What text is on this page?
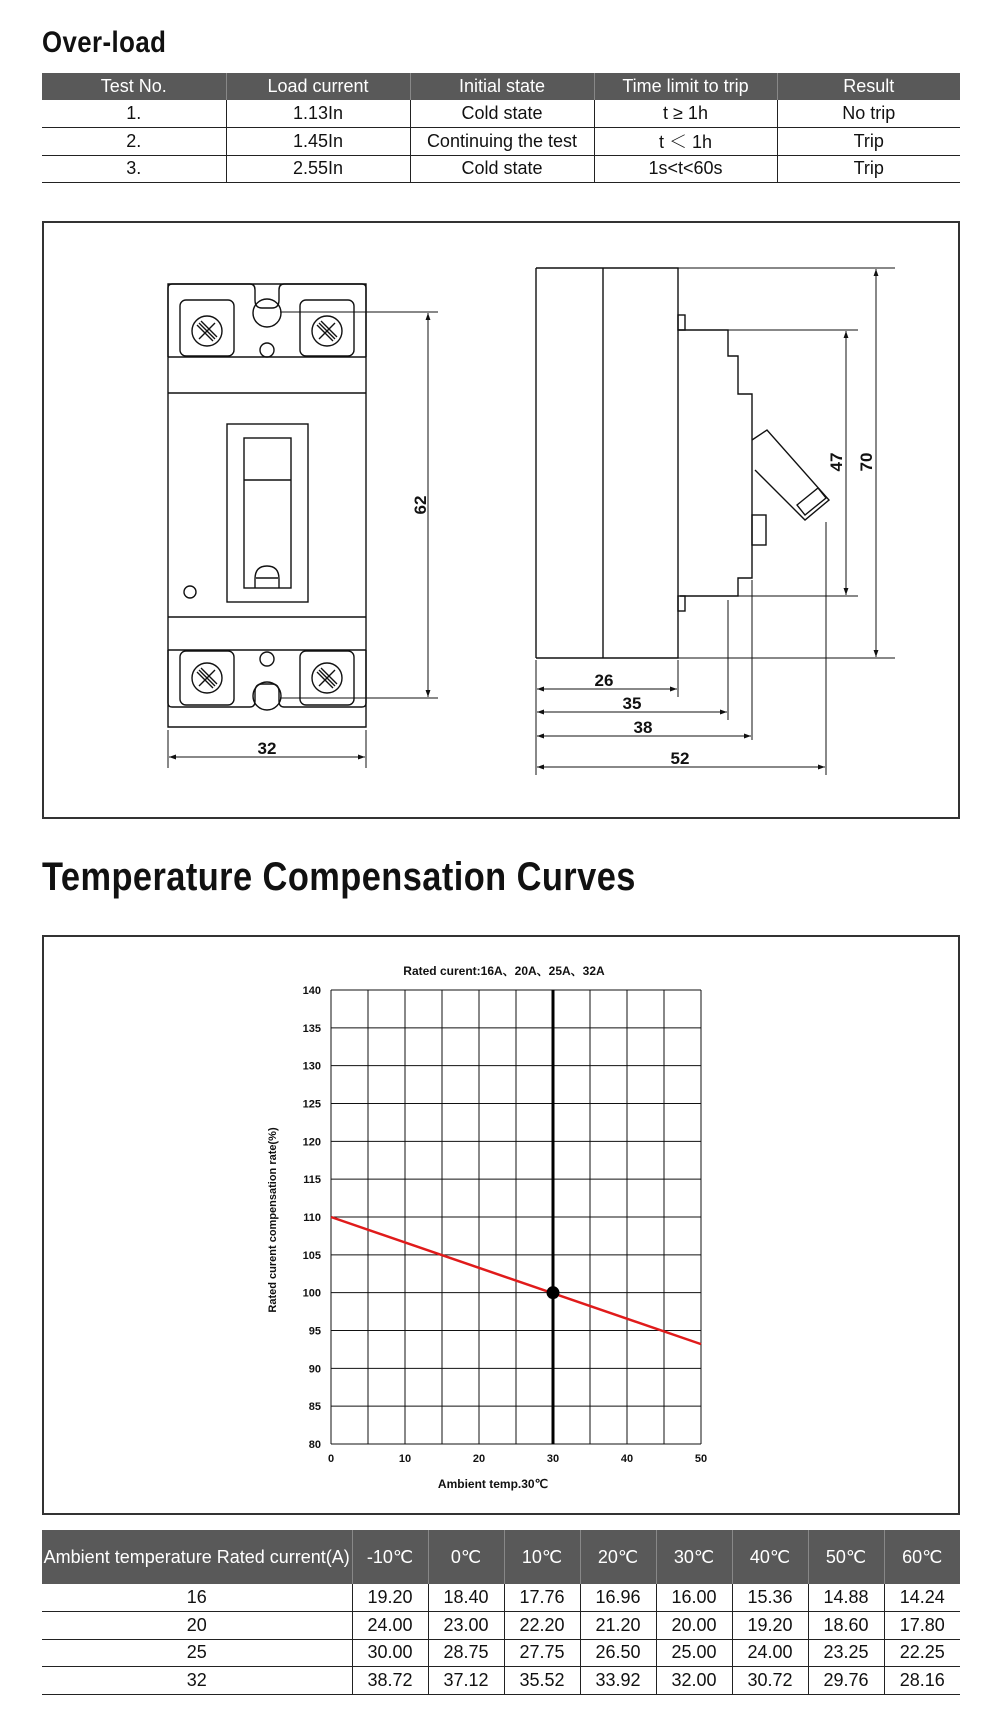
Over-load
Test No.	Load current	Initial state	Time limit to trip	Result
1.	1.13In	Cold state	t ≥ 1h	No trip
2.	1.45In	Continuing the test	t ＜ 1h	Trip
3.	2.55In	Cold state	1s<t<60s	Trip
32
62
26
35
38
52
47 70
Temperature Compensation Curves
0	10	20	30	40	50
80
85
90
95
100
105
110
115
120
125
130
135
140
Rated curent:16A、20A、25A、32A
Ambient temp.30℃
Rated curent compensation rate(%)
Ambient temperature Rated current(A)	-10℃	0℃	10℃	20℃	30℃	40℃	50℃	60℃
16	19.20	18.40	17.76	16.96	16.00	15.36	14.88	14.24
20	24.00	23.00	22.20	21.20	20.00	19.20	18.60	17.80
25	30.00	28.75	27.75	26.50	25.00	24.00	23.25	22.25
32	38.72	37.12	35.52	33.92	32.00	30.72	29.76	28.16
